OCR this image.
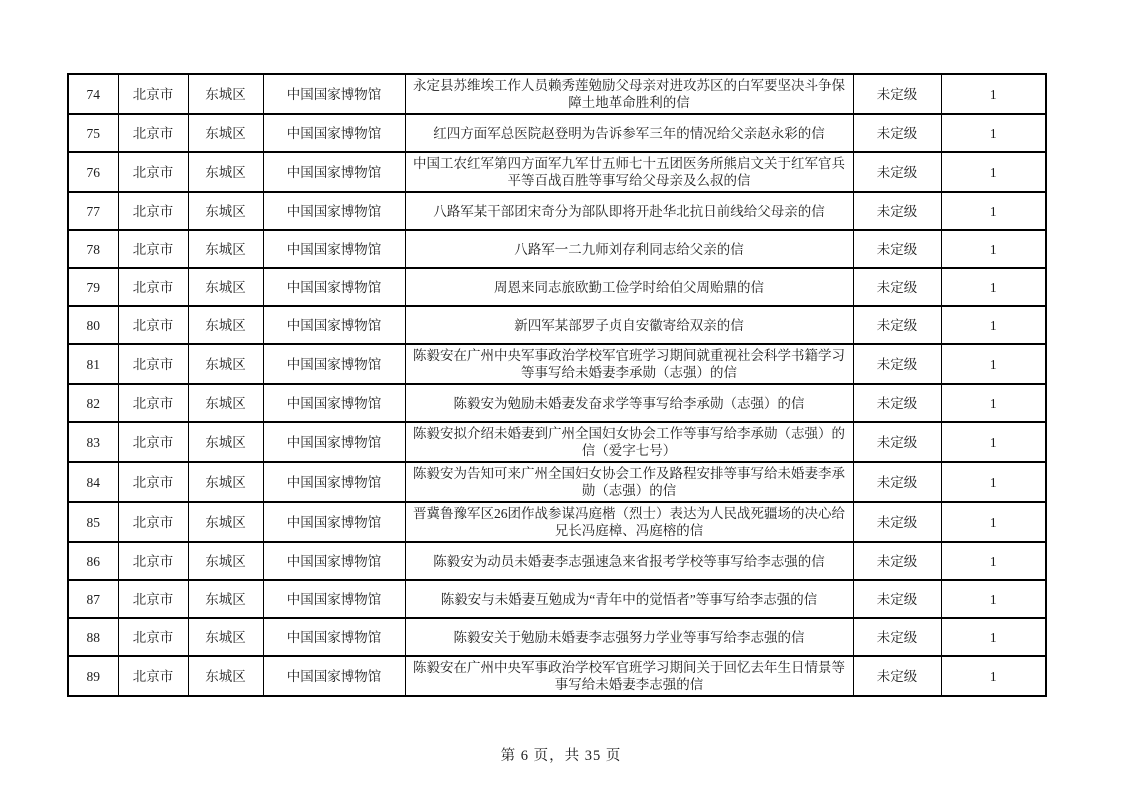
74	北京市	东城区	中国国家博物馆	永定县苏维埃工作人员赖秀莲勉励父母亲对进攻苏区的白军要坚决斗争保障土地革命胜利的信	未定级	1
75	北京市	东城区	中国国家博物馆	红四方面军总医院赵登明为告诉参军三年的情况给父亲赵永彩的信	未定级	1
76	北京市	东城区	中国国家博物馆	中国工农红军第四方面军九军廿五师七十五团医务所熊启文关于红军官兵平等百战百胜等事写给父母亲及么叔的信	未定级	1
77	北京市	东城区	中国国家博物馆	八路军某干部团宋奇分为部队即将开赴华北抗日前线给父母亲的信	未定级	1
78	北京市	东城区	中国国家博物馆	八路军一二九师刘存利同志给父亲的信	未定级	1
79	北京市	东城区	中国国家博物馆	周恩来同志旅欧勤工俭学时给伯父周贻鼎的信	未定级	1
80	北京市	东城区	中国国家博物馆	新四军某部罗子贞自安徽寄给双亲的信	未定级	1
81	北京市	东城区	中国国家博物馆	陈毅安在广州中央军事政治学校军官班学习期间就重视社会科学书籍学习等事写给未婚妻李承勋（志强）的信	未定级	1
82	北京市	东城区	中国国家博物馆	陈毅安为勉励未婚妻发奋求学等事写给李承勋（志强）的信	未定级	1
83	北京市	东城区	中国国家博物馆	陈毅安拟介绍未婚妻到广州全国妇女协会工作等事写给李承勋（志强）的信（爱字七号）	未定级	1
84	北京市	东城区	中国国家博物馆	陈毅安为告知可来广州全国妇女协会工作及路程安排等事写给未婚妻李承勋（志强）的信	未定级	1
85	北京市	东城区	中国国家博物馆	晋冀鲁豫军区26团作战参谋冯庭楷（烈士）表达为人民战死疆场的决心给兄长冯庭樟、冯庭榕的信	未定级	1
86	北京市	东城区	中国国家博物馆	陈毅安为动员未婚妻李志强速急来省报考学校等事写给李志强的信	未定级	1
87	北京市	东城区	中国国家博物馆	陈毅安与未婚妻互勉成为“青年中的觉悟者”等事写给李志强的信	未定级	1
88	北京市	东城区	中国国家博物馆	陈毅安关于勉励未婚妻李志强努力学业等事写给李志强的信	未定级	1
89	北京市	东城区	中国国家博物馆	陈毅安在广州中央军事政治学校军官班学习期间关于回忆去年生日情景等事写给未婚妻李志强的信	未定级	1
第 6 页，共 35 页
